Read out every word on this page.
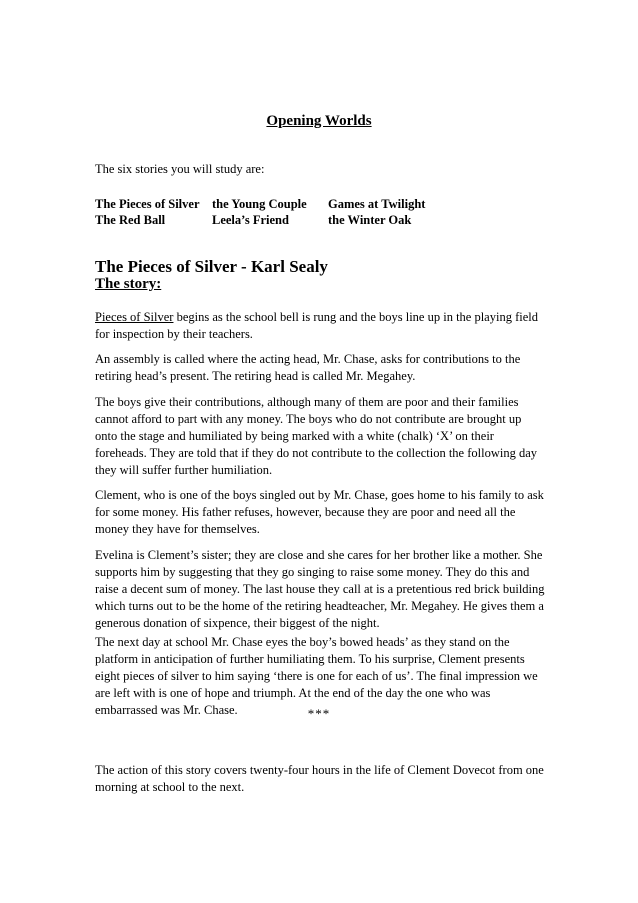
Opening Worlds
The six stories you will study are:
The Pieces of Silver	the Young Couple	Games at Twilight
The Red Ball	Leela’s Friend	the Winter Oak
The Pieces of Silver - Karl Sealy
The story:
Pieces of Silver begins as the school bell is rung and the boys line up in the playing field for inspection by their teachers.
An assembly is called where the acting head, Mr. Chase, asks for contributions to the retiring head’s present. The retiring head is called Mr. Megahey.
The boys give their contributions, although many of them are poor and their families cannot afford to part with any money. The boys who do not contribute are brought up onto the stage and humiliated by being marked with a white (chalk) ‘X’ on their foreheads. They are told that if they do not contribute to the collection the following day they will suffer further humiliation.
Clement, who is one of the boys singled out by Mr. Chase, goes home to his family to ask for some money. His father refuses, however, because they are poor and need all the money they have for themselves.
Evelina is Clement’s sister; they are close and she cares for her brother like a mother. She supports him by suggesting that they go singing to raise some money. They do this and raise a decent sum of money. The last house they call at is a pretentious red brick building which turns out to be the home of the retiring headteacher, Mr. Megahey. He gives them a generous donation of sixpence, their biggest of the night.
The next day at school Mr. Chase eyes the boy’s bowed heads’ as they stand on the platform in anticipation of further humiliating them. To his surprise, Clement presents eight pieces of silver to him saying ‘there is one for each of us’. The final impression we are left with is one of hope and triumph. At the end of the day the one who was embarrassed was Mr. Chase.	***
The action of this story covers twenty-four hours in the life of Clement Dovecot from one morning at school to the next.
